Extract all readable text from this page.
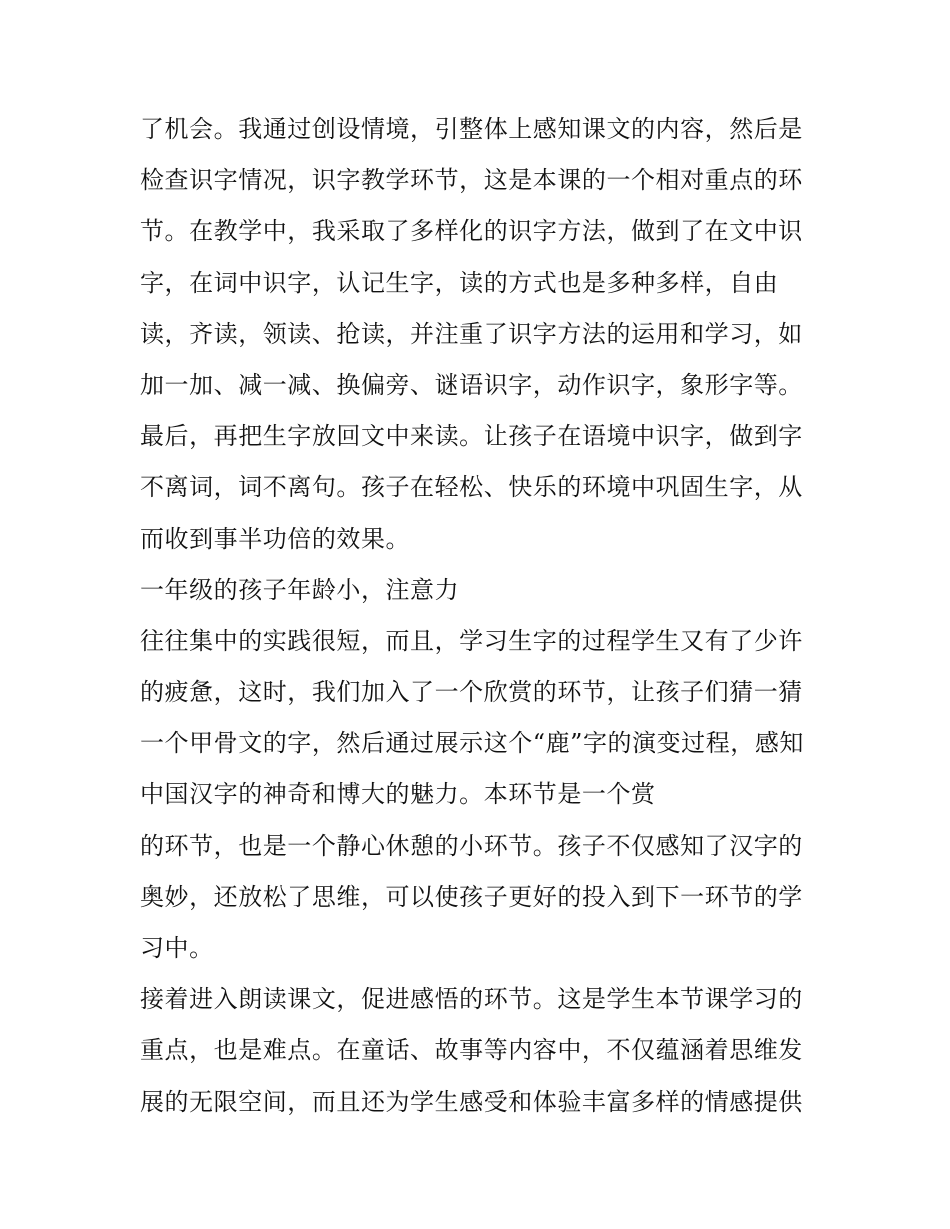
了机会。我通过创设情境，引整体上感知课文的内容，然后是
检查识字情况，识字教学环节，这是本课的一个相对重点的环
节。在教学中，我采取了多样化的识字方法，做到了在文中识
字，在词中识字，认记生字，读的方式也是多种多样，自由
读，齐读，领读、抢读，并注重了识字方法的运用和学习，如
加一加、减一减、换偏旁、谜语识字，动作识字，象形字等。
最后，再把生字放回文中来读。让孩子在语境中识字，做到字
不离词，词不离句。孩子在轻松、快乐的环境中巩固生字，从
而收到事半功倍的效果。
一年级的孩子年龄小，注意力
往往集中的实践很短，而且，学习生字的过程学生又有了少许
的疲惫，这时，我们加入了一个欣赏的环节，让孩子们猜一猜
一个甲骨文的字，然后通过展示这个“鹿”字的演变过程，感知
中国汉字的神奇和博大的魅力。本环节是一个赏
的环节，也是一个静心休憩的小环节。孩子不仅感知了汉字的
奥妙，还放松了思维，可以使孩子更好的投入到下一环节的学
习中。
接着进入朗读课文，促进感悟的环节。这是学生本节课学习的
重点，也是难点。在童话、故事等内容中，不仅蕴涵着思维发
展的无限空间，而且还为学生感受和体验丰富多样的情感提供
